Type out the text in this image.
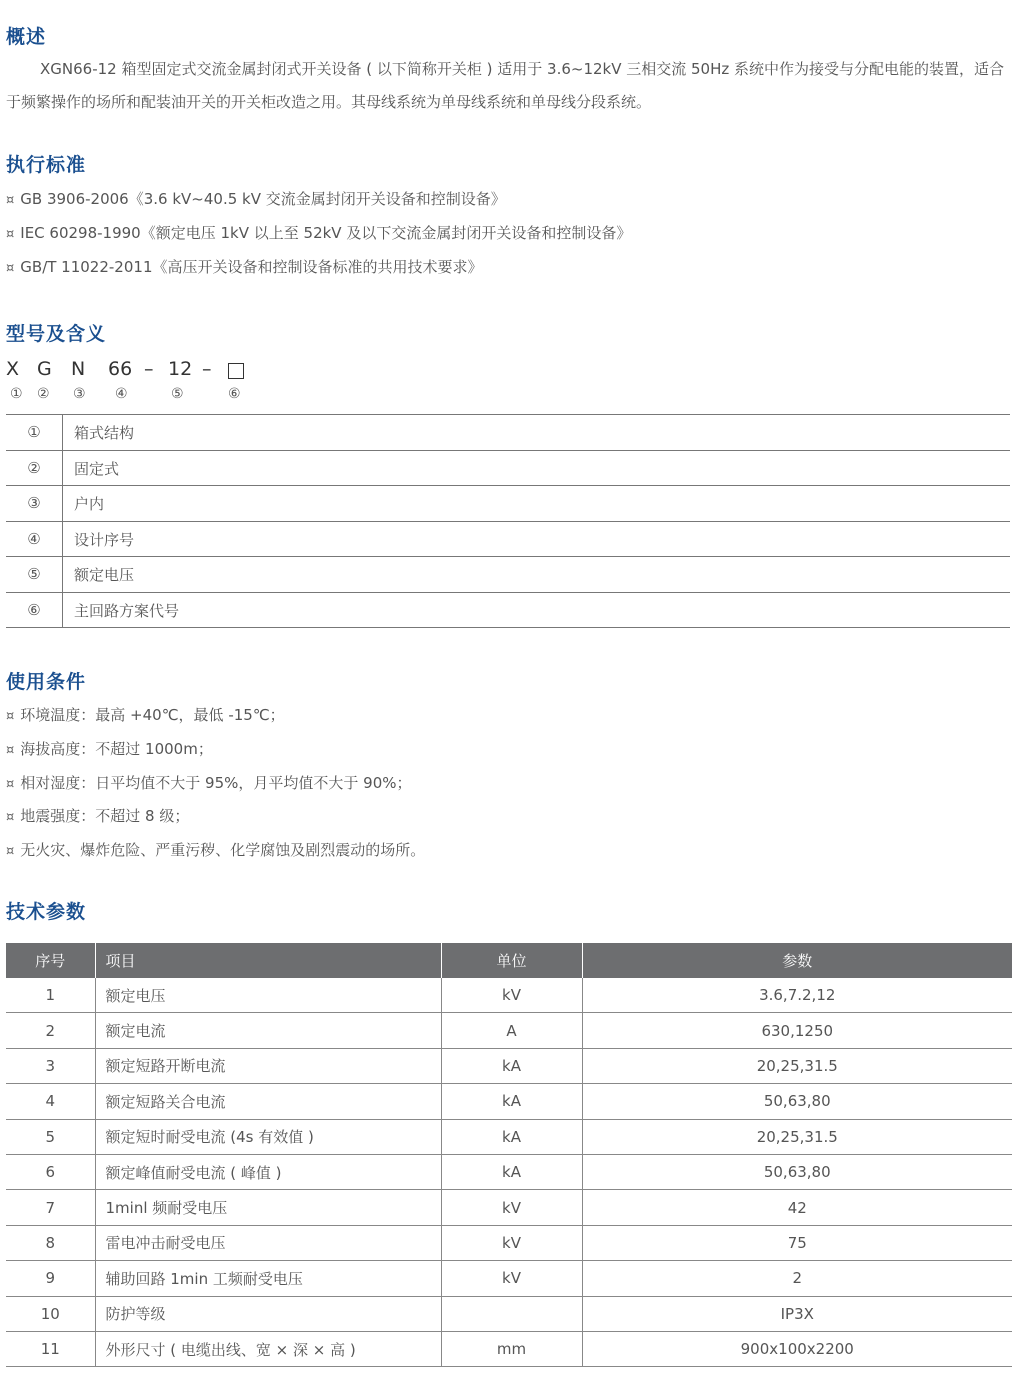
概述
XGN66-12 箱型固定式交流金属封闭式开关设备 ( 以下简称开关柜 ) 适用于 3.6~12kV 三相交流 50Hz 系统中作为接受与分配电能的装置，适合于频繁操作的场所和配装油开关的开关柜改造之用。其母线系统为单母线系统和单母线分段系统。
执行标准
¤ GB 3906-2006《3.6 kV~40.5 kV 交流金属封闭开关设备和控制设备》
¤ IEC 60298-1990《额定电压 1kV 以上至 52kV 及以下交流金属封闭开关设备和控制设备》
¤ GB/T 11022-2011《高压开关设备和控制设备标准的共用技术要求》
型号及含义
X G N 66 – 12 –
① ② ③ ④	⑤	⑥
①	箱式结构
②	固定式
③	户内
④	设计序号
⑤	额定电压
⑥	主回路方案代号
使用条件
¤ 环境温度：最高 +40℃，最低 -15℃；
¤ 海拔高度：不超过 1000m；
¤ 相对湿度：日平均值不大于 95%，月平均值不大于 90%；
¤ 地震强度：不超过 8 级；
¤ 无火灾、爆炸危险、严重污秽、化学腐蚀及剧烈震动的场所。
技术参数
序号	项目	单位	参数
1	额定电压	kV	3.6,7.2,12
2	额定电流	A	630,1250
3	额定短路开断电流	kA	20,25,31.5
4	额定短路关合电流	kA	50,63,80
5	额定短时耐受电流 (4s 有效值 )	kA	20,25,31.5
6	额定峰值耐受电流 ( 峰值 )	kA	50,63,80
7	1minl 频耐受电压	kV	42
8	雷电冲击耐受电压	kV	75
9	辅助回路 1min 工频耐受电压	kV	2
10	防护等级		IP3X
11	外形尺寸 ( 电缆出线、宽 × 深 × 高 )	mm	900x100x2200
